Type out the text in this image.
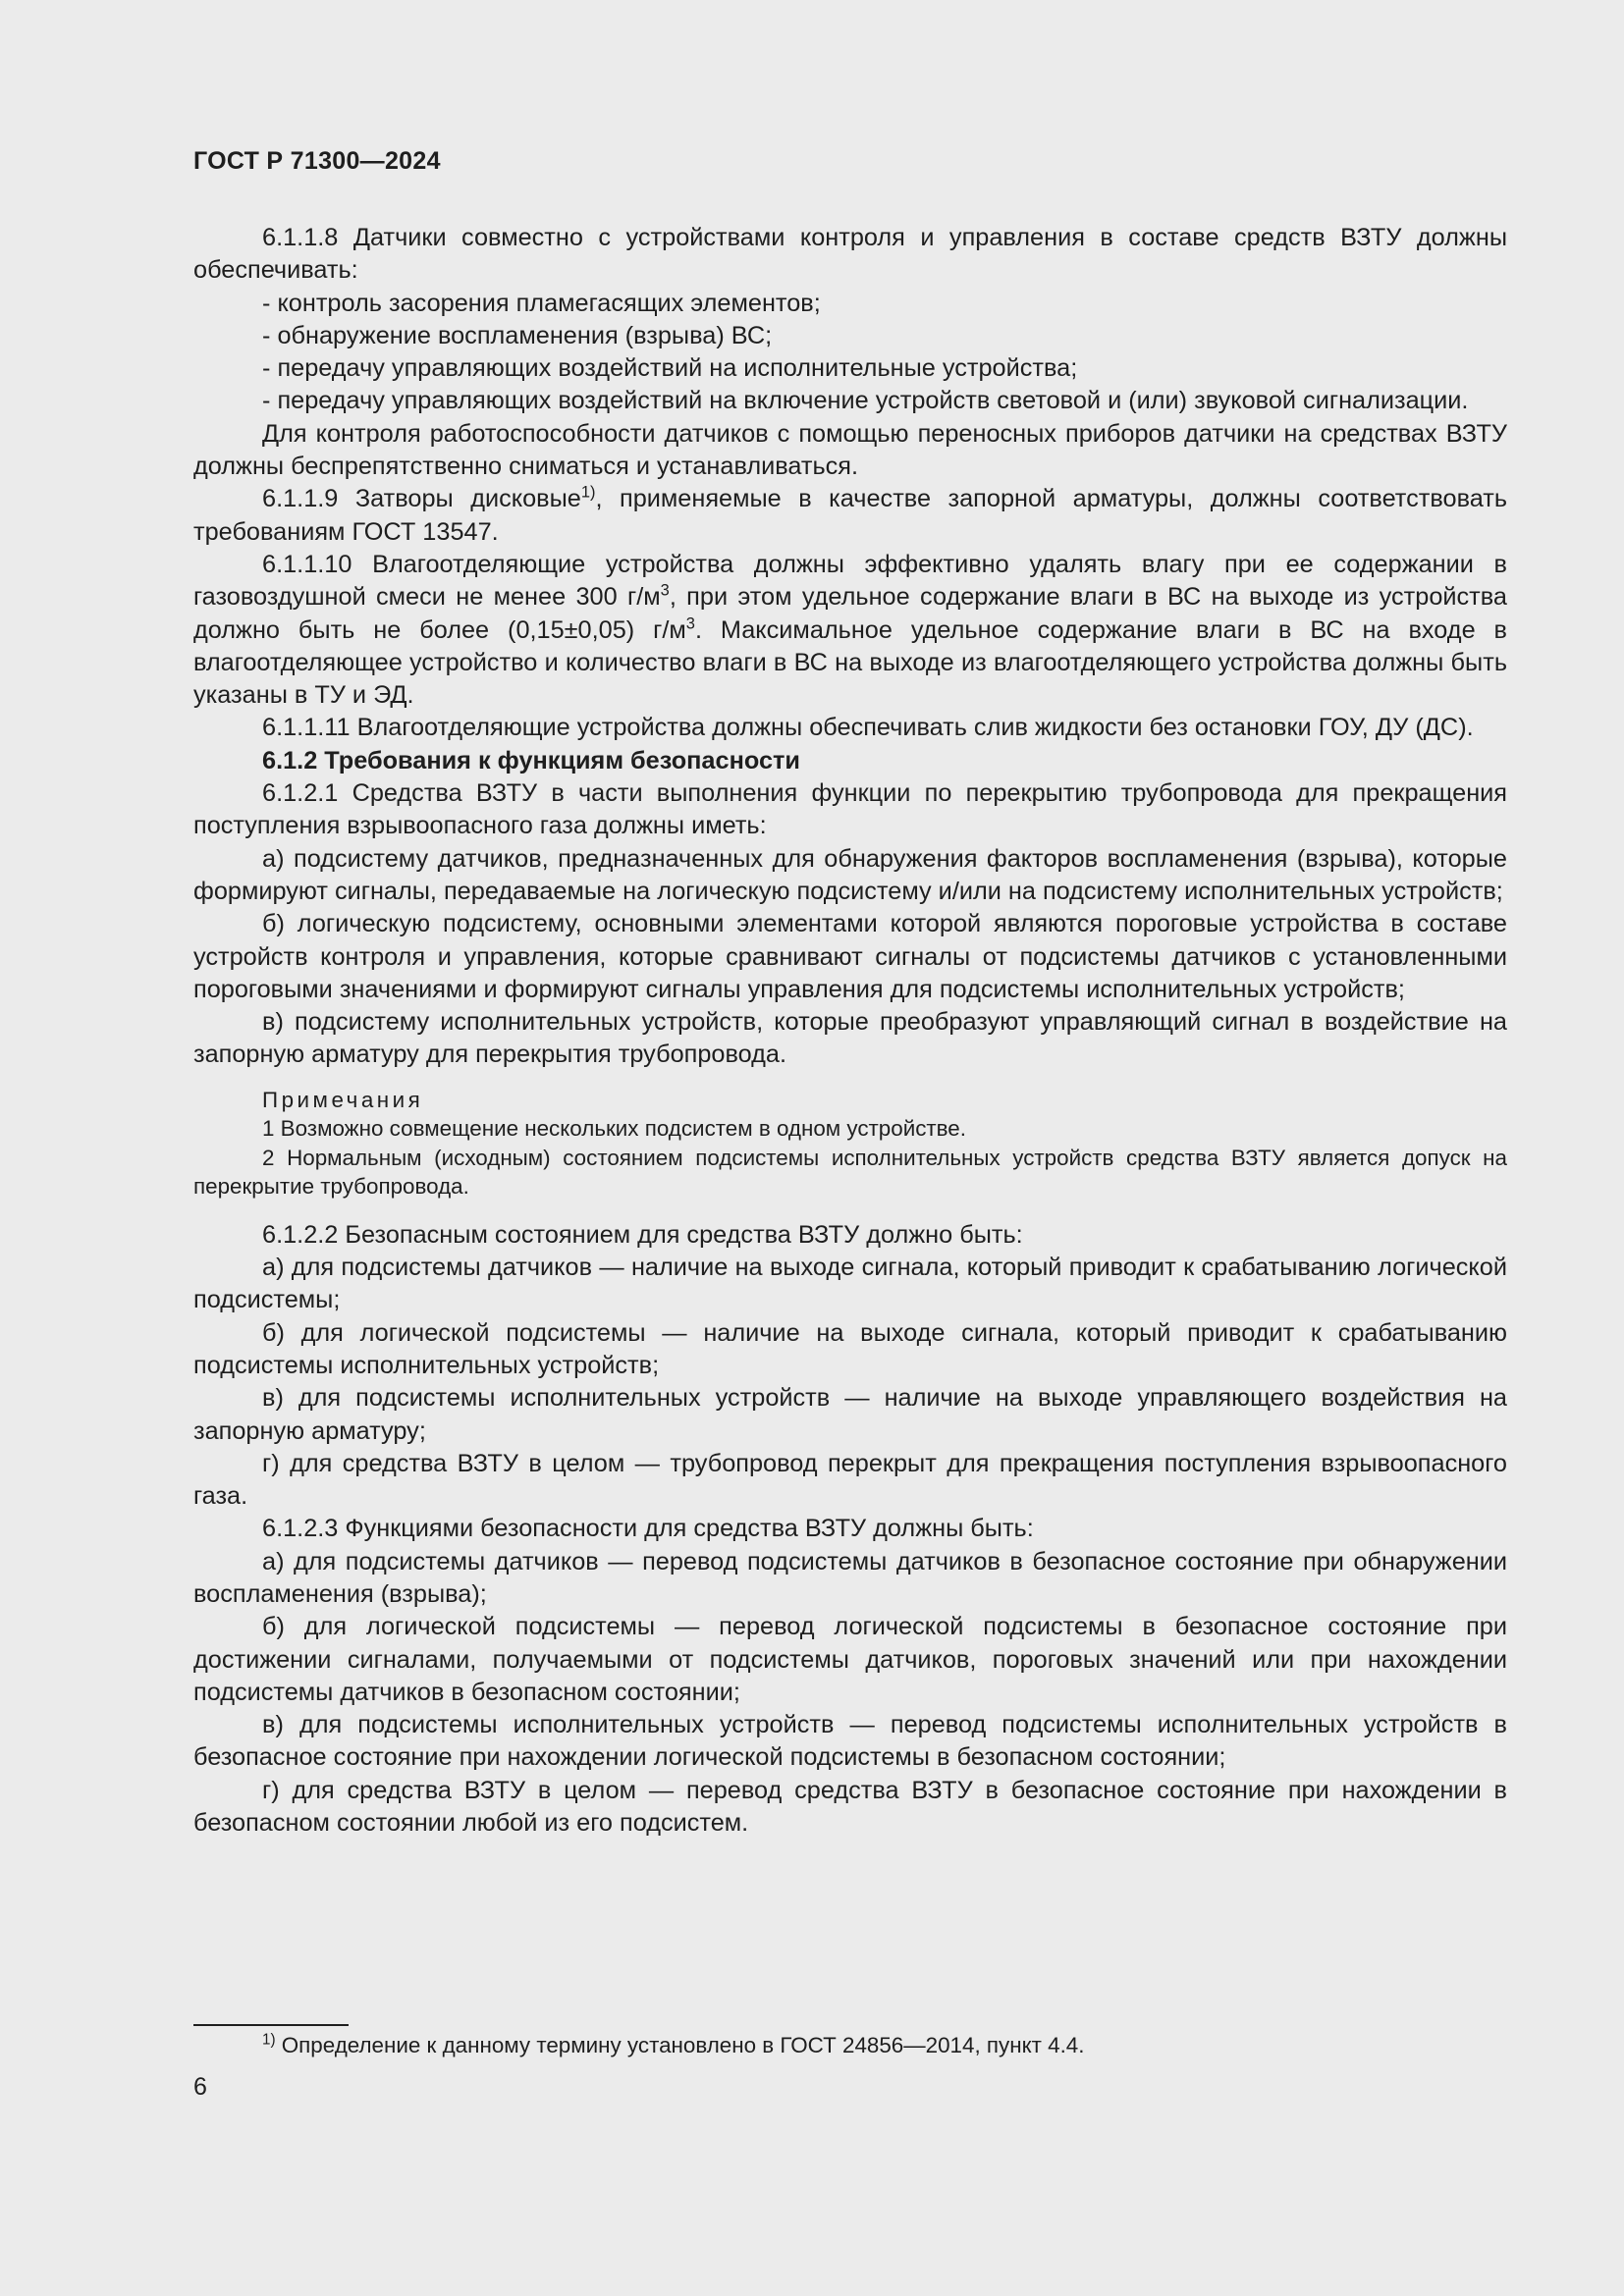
ГОСТ Р 71300—2024

6.1.1.8 Датчики совместно с устройствами контроля и управления в составе средств ВЗТУ должны обеспечивать:

- контроль засорения пламегасящих элементов;

- обнаружение воспламенения (взрыва) ВС;

- передачу управляющих воздействий на исполнительные устройства;

- передачу управляющих воздействий на включение устройств световой и (или) звуковой сигнализации.

Для контроля работоспособности датчиков с помощью переносных приборов датчики на средствах ВЗТУ должны беспрепятственно сниматься и устанавливаться.

6.1.1.9 Затворы дисковые$^{1)}$, применяемые в качестве запорной арматуры, должны соответствовать требованиям ГОСТ 13547.

6.1.1.10 Влагоотделяющие устройства должны эффективно удалять влагу при ее содержании в газовоздушной смеси не менее 300 $г/м^3$, при этом удельное содержание влаги в ВС на выходе из устройства должно быть не более (0,15±0,05) $г/м^3$. Максимальное удельное содержание влаги в ВС на входе в влагоотделяющее устройство и количество влаги в ВС на выходе из влагоотделяющего устройства должны быть указаны в ТУ и ЭД.

6.1.1.11 Влагоотделяющие устройства должны обеспечивать слив жидкости без остановки ГОУ, ДУ (ДС).

6.1.2 Требования к функциям безопасности

6.1.2.1 Средства ВЗТУ в части выполнения функции по перекрытию трубопровода для прекращения поступления взрывоопасного газа должны иметь:

а) подсистему датчиков, предназначенных для обнаружения факторов воспламенения (взрыва), которые формируют сигналы, передаваемые на логическую подсистему и/или на подсистему исполнительных устройств;

б) логическую подсистему, основными элементами которой являются пороговые устройства в составе устройств контроля и управления, которые сравнивают сигналы от подсистемы датчиков с установленными пороговыми значениями и формируют сигналы управления для подсистемы исполнительных устройств;

в) подсистему исполнительных устройств, которые преобразуют управляющий сигнал в воздействие на запорную арматуру для перекрытия трубопровода.

Примечания

1 Возможно совмещение нескольких подсистем в одном устройстве.

2 Нормальным (исходным) состоянием подсистемы исполнительных устройств средства ВЗТУ является допуск на перекрытие трубопровода.

6.1.2.2 Безопасным состоянием для средства ВЗТУ должно быть:

а) для подсистемы датчиков — наличие на выходе сигнала, который приводит к срабатыванию логической подсистемы;

б) для логической подсистемы — наличие на выходе сигнала, который приводит к срабатыванию подсистемы исполнительных устройств;

в) для подсистемы исполнительных устройств — наличие на выходе управляющего воздействия на запорную арматуру;

г) для средства ВЗТУ в целом — трубопровод перекрыт для прекращения поступления взрывоопасного газа.

6.1.2.3 Функциями безопасности для средства ВЗТУ должны быть:

а) для подсистемы датчиков — перевод подсистемы датчиков в безопасное состояние при обнаружении воспламенения (взрыва);

б) для логической подсистемы — перевод логической подсистемы в безопасное состояние при достижении сигналами, получаемыми от подсистемы датчиков, пороговых значений или при нахождении подсистемы датчиков в безопасном состоянии;

в) для подсистемы исполнительных устройств — перевод подсистемы исполнительных устройств в безопасное состояние при нахождении логической подсистемы в безопасном состоянии;

г) для средства ВЗТУ в целом — перевод средства ВЗТУ в безопасное состояние при нахождении в безопасном состоянии любой из его подсистем.

$^{1)}$ Определение к данному термину установлено в ГОСТ 24856—2014, пункт 4.4.
6
